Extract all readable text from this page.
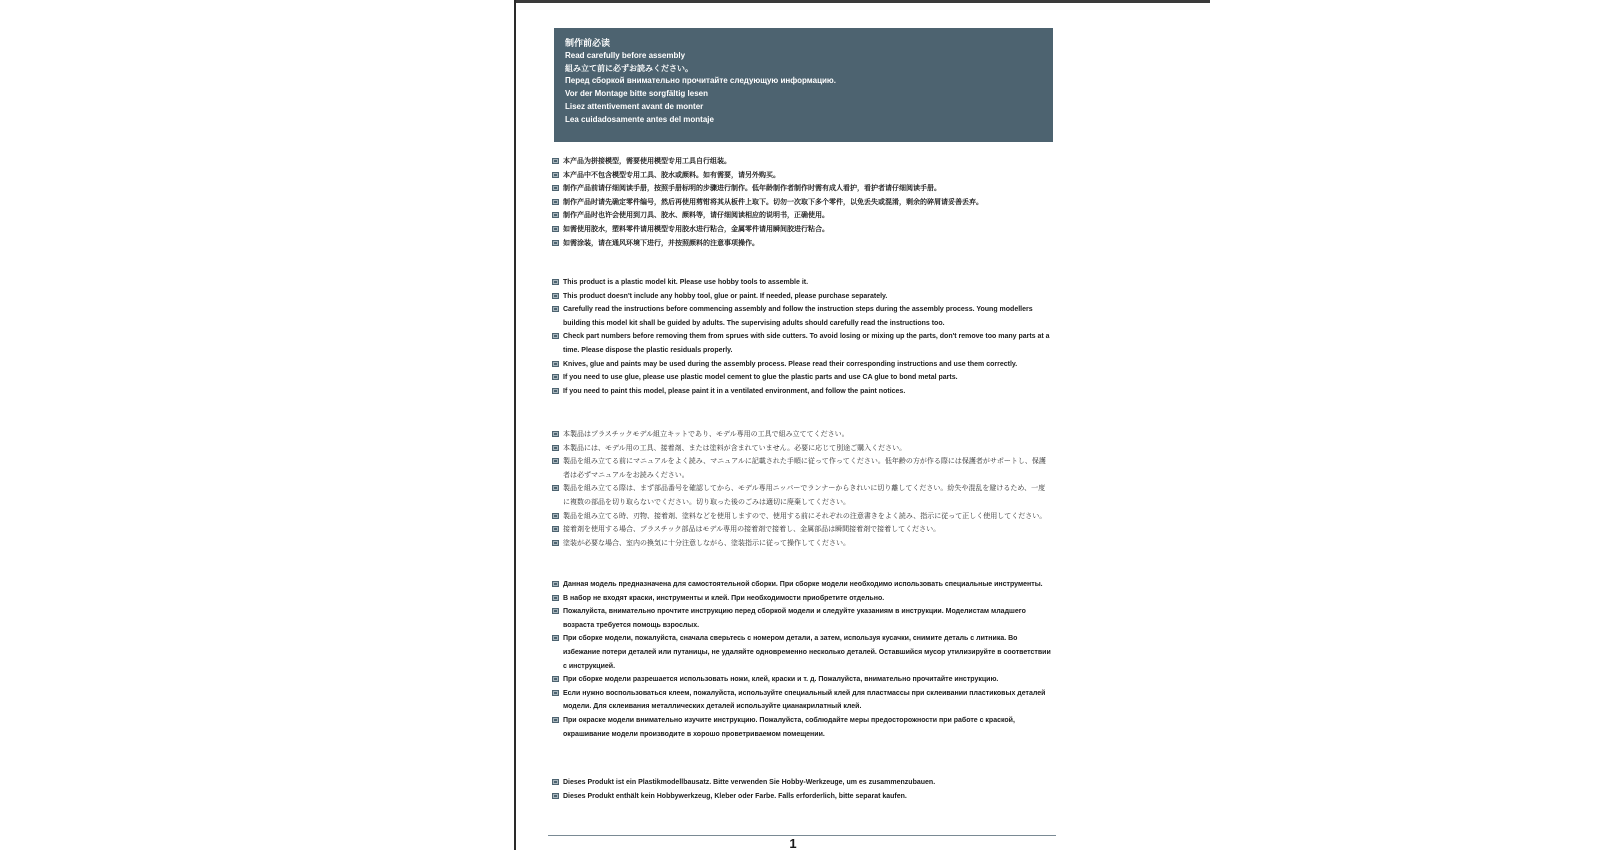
制作前必读
Read carefully before assembly
組み立て前に必ずお読みください。
Перед сборкой внимательно прочитайте следующую информацию.
Vor der Montage bitte sorgfältig lesen
Lisez attentivement avant de monter
Lea cuidadosamente antes del montaje
本产品为拼接模型，需要使用模型专用工具自行组装。
本产品中不包含模型专用工具、胶水或颜料。如有需要，请另外购买。
制作产品前请仔细阅读手册，按照手册标明的步骤进行制作。低年龄制作者制作时需有成人看护，看护者请仔细阅读手册。
制作产品时请先确定零件编号，然后再使用剪钳将其从板件上取下。切勿一次取下多个零件，以免丢失或混淆，剩余的碎屑请妥善丢弃。
制作产品时也许会使用到刀具、胶水、颜料等，请仔细阅读相应的说明书，正确使用。
如需使用胶水，塑料零件请用模型专用胶水进行粘合，金属零件请用瞬间胶进行粘合。
如需涂装，请在通风环境下进行，并按照颜料的注意事项操作。
This product is a plastic model kit. Please use hobby tools to assemble it.
This product doesn't include any hobby tool, glue or paint. If needed, please purchase separately.
Carefully read the instructions before commencing assembly and follow the instruction steps during the assembly process. Young modellers building this model kit shall be guided by adults. The supervising adults should carefully read the instructions too.
Check part numbers before removing them from sprues with side cutters. To avoid losing or mixing up the parts, don't remove too many parts at a time. Please dispose the plastic residuals properly.
Knives, glue and paints may be used during the assembly process. Please read their corresponding instructions and use them correctly.
If you need to use glue, please use plastic model cement to glue the plastic parts and use CA glue to bond metal parts.
If you need to paint this model, please paint it in a ventilated environment, and follow the paint notices.
本製品はプラスチックモデル組立キットであり、モデル専用の工具で組み立ててください。
本製品には、モデル用の工具、接着剤、または塗料が含まれていません。必要に応じて別途ご購入ください。
製品を組み立てる前にマニュアルをよく読み、マニュアルに記載された手順に従って作ってください。低年齢の方が作る際には保護者がサポートし、保護者は必ずマニュアルをお読みください。
製品を組み立てる際は、まず部品番号を確認してから、モデル専用ニッパーでランナーからきれいに切り離してください。紛失や混乱を避けるため、一度に複数の部品を切り取らないでください。切り取った後のごみは適切に廃棄してください。
製品を組み立てる時、刃物、接着剤、塗料などを使用しますので、使用する前にそれぞれの注意書きをよく読み、指示に従って正しく使用してください。
接着剤を使用する場合、プラスチック部品はモデル専用の接着剤で接着し、金属部品は瞬間接着剤で接着してください。
塗装が必要な場合、室内の換気に十分注意しながら、塗装指示に従って操作してください。
Данная модель предназначена для самостоятельной сборки. При сборке модели необходимо использовать специальные инструменты.
В набор не входят краски, инструменты и клей. При необходимости приобретите отдельно.
Пожалуйста, внимательно прочтите инструкцию перед сборкой модели и следуйте указаниям в инструкции. Моделистам младшего возраста требуется помощь взрослых.
При сборке модели, пожалуйста, сначала сверьтесь с номером детали, а затем, используя кусачки, снимите деталь с литника. Во избежание потери деталей или путаницы, не удаляйте одновременно несколько деталей. Оставшийся мусор утилизируйте в соответствии с инструкцией.
При сборке модели разрешается использовать ножи, клей, краски и т. д. Пожалуйста, внимательно прочитайте инструкцию.
Если нужно воспользоваться клеем, пожалуйста, используйте специальный клей для пластмассы при склеивании пластиковых деталей модели. Для склеивания металлических деталей используйте цианакрилатный клей.
При окраске модели внимательно изучите инструкцию. Пожалуйста, соблюдайте меры предосторожности при работе с краской, окрашивание модели производите в хорошо проветриваемом помещении.
Dieses Produkt ist ein Plastikmodellbausatz. Bitte verwenden Sie Hobby-Werkzeuge, um es zusammenzubauen.
Dieses Produkt enthält kein Hobbywerkzeug, Kleber oder Farbe. Falls erforderlich, bitte separat kaufen.
1
